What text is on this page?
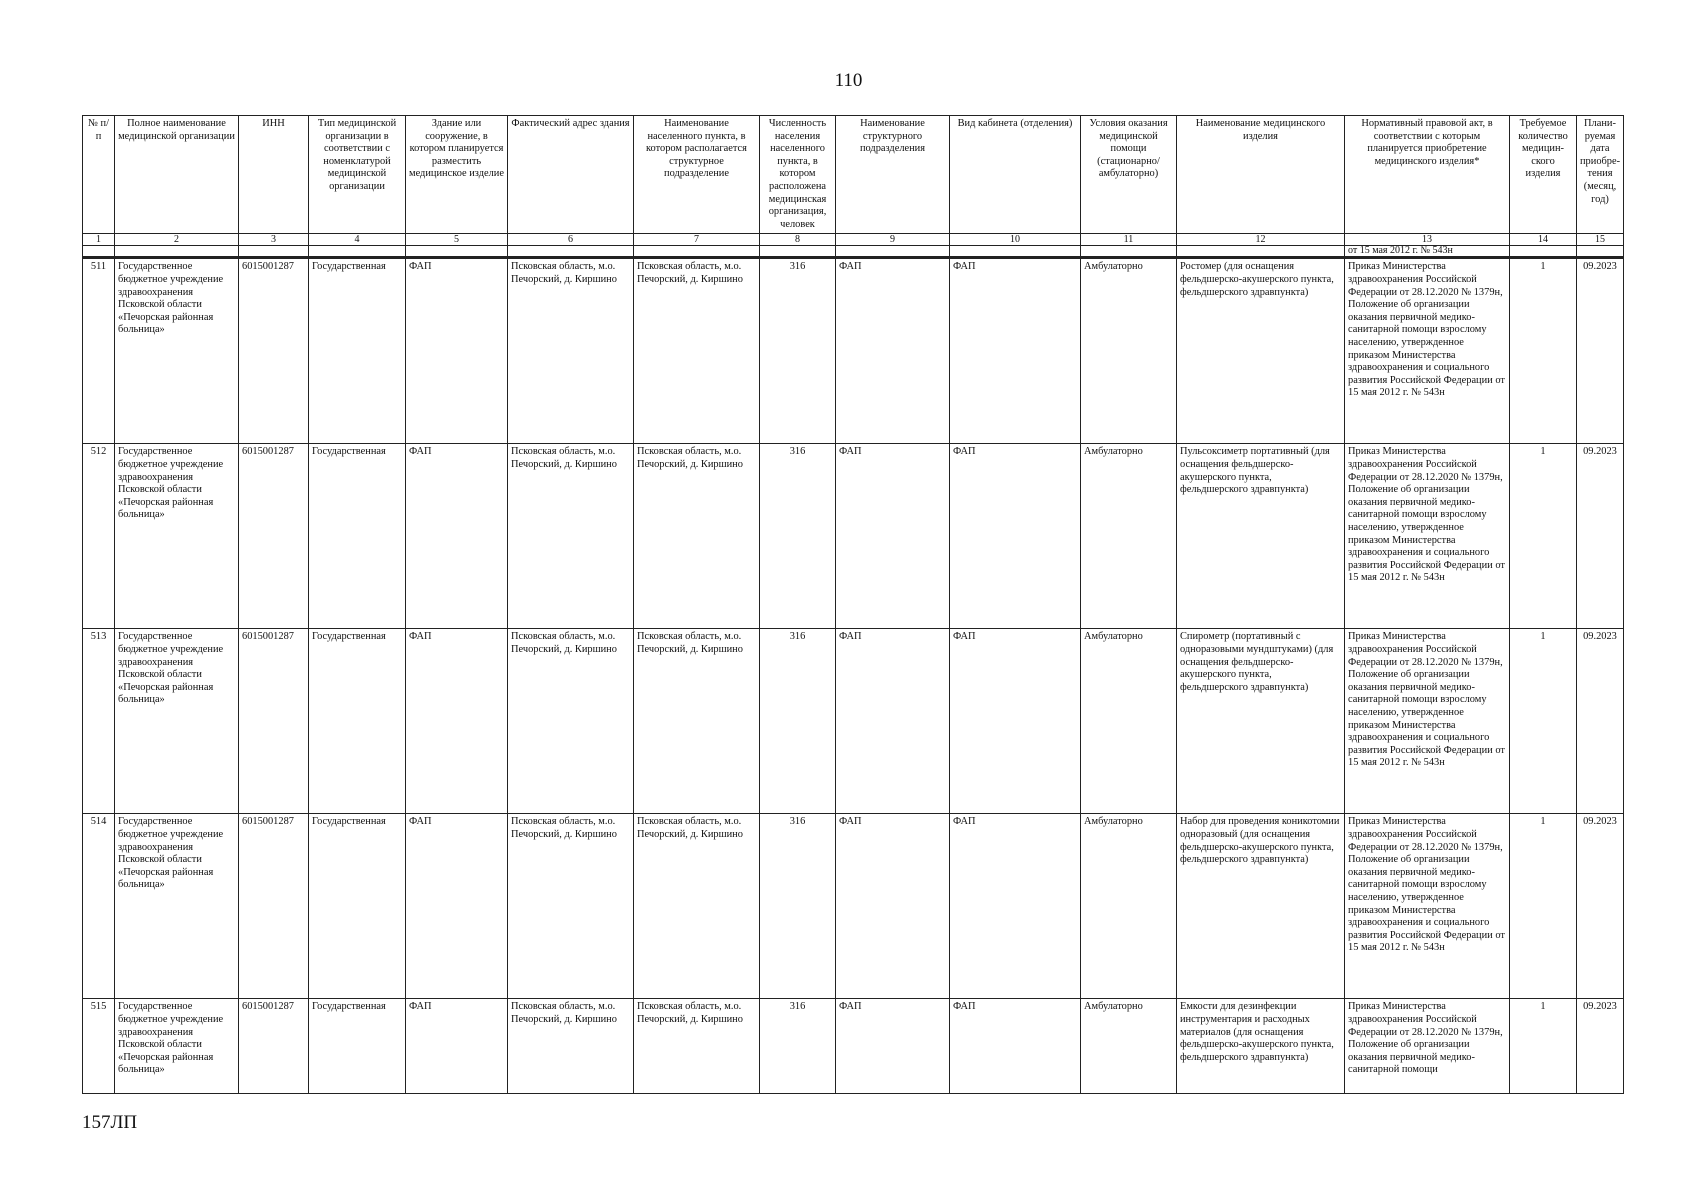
110
№ п/п	Полное наименование медицинской организации	ИНН	Тип медицинской организации в соответствии с номенклатурой медицинской организации	Здание или сооружение, в котором планируется разместить медицинское изделие	Фактический адрес здания	Наименование населенного пункта, в котором располагается структурное подразделение	Численность населения населенного пункта, в котором расположена медицинская организация, человек	Наименование структурного подразделения	Вид кабинета (отделения)	Условия оказания медицинской помощи (стационарно/ амбулаторно)	Наименование медицинского изделия	Нормативный правовой акт, в соответствии с которым планируется приобретение медицинского изделия*	Требуемое количество медицин-ского изделия	Плани-руемая дата приобре-тения (месяц, год)
1	2	3	4	5	6	7	8	9	10	11	12	13	14	15
												от 15 мая 2012 г. № 543н		
511	Государственное бюджетное учреждение здравоохранения Псковской области «Печорская районная больница»	6015001287	Государственная	ФАП	Псковская область, м.о. Печорский, д. Киршино	Псковская область, м.о. Печорский, д. Киршино	316	ФАП	ФАП	Амбулаторно	Ростомер (для оснащения фельдшерско-акушерского пункта, фельдшерского здравпункта)	Приказ Министерства здравоохранения Российской Федерации от 28.12.2020 № 1379н, Положение об организации оказания первичной медико-санитарной помощи взрослому населению, утвержденное приказом Министерства здравоохранения и социального развития Российской Федерации от 15 мая 2012 г. № 543н	1	09.2023
512	Государственное бюджетное учреждение здравоохранения Псковской области «Печорская районная больница»	6015001287	Государственная	ФАП	Псковская область, м.о. Печорский, д. Киршино	Псковская область, м.о. Печорский, д. Киршино	316	ФАП	ФАП	Амбулаторно	Пульсоксиметр портативный (для оснащения фельдшерско-акушерского пункта, фельдшерского здравпункта)	Приказ Министерства здравоохранения Российской Федерации от 28.12.2020 № 1379н, Положение об организации оказания первичной медико-санитарной помощи взрослому населению, утвержденное приказом Министерства здравоохранения и социального развития Российской Федерации от 15 мая 2012 г. № 543н	1	09.2023
513	Государственное бюджетное учреждение здравоохранения Псковской области «Печорская районная больница»	6015001287	Государственная	ФАП	Псковская область, м.о. Печорский, д. Киршино	Псковская область, м.о. Печорский, д. Киршино	316	ФАП	ФАП	Амбулаторно	Спирометр (портативный с одноразовыми мундштуками) (для оснащения фельдшерско-акушерского пункта, фельдшерского здравпункта)	Приказ Министерства здравоохранения Российской Федерации от 28.12.2020 № 1379н, Положение об организации оказания первичной медико-санитарной помощи взрослому населению, утвержденное приказом Министерства здравоохранения и социального развития Российской Федерации от 15 мая 2012 г. № 543н	1	09.2023
514	Государственное бюджетное учреждение здравоохранения Псковской области «Печорская районная больница»	6015001287	Государственная	ФАП	Псковская область, м.о. Печорский, д. Киршино	Псковская область, м.о. Печорский, д. Киршино	316	ФАП	ФАП	Амбулаторно	Набор для проведения коникотомии одноразовый (для оснащения фельдшерско-акушерского пункта, фельдшерского здравпункта)	Приказ Министерства здравоохранения Российской Федерации от 28.12.2020 № 1379н, Положение об организации оказания первичной медико-санитарной помощи взрослому населению, утвержденное приказом Министерства здравоохранения и социального развития Российской Федерации от 15 мая 2012 г. № 543н	1	09.2023
515	Государственное бюджетное учреждение здравоохранения Псковской области «Печорская районная больница»	6015001287	Государственная	ФАП	Псковская область, м.о. Печорский, д. Киршино	Псковская область, м.о. Печорский, д. Киршино	316	ФАП	ФАП	Амбулаторно	Емкости для дезинфекции инструментария и расходных материалов (для оснащения фельдшерско-акушерского пункта, фельдшерского здравпункта)	Приказ Министерства здравоохранения Российской Федерации от 28.12.2020 № 1379н, Положение об организации оказания первичной медико-санитарной помощи	1	09.2023
157ЛП
